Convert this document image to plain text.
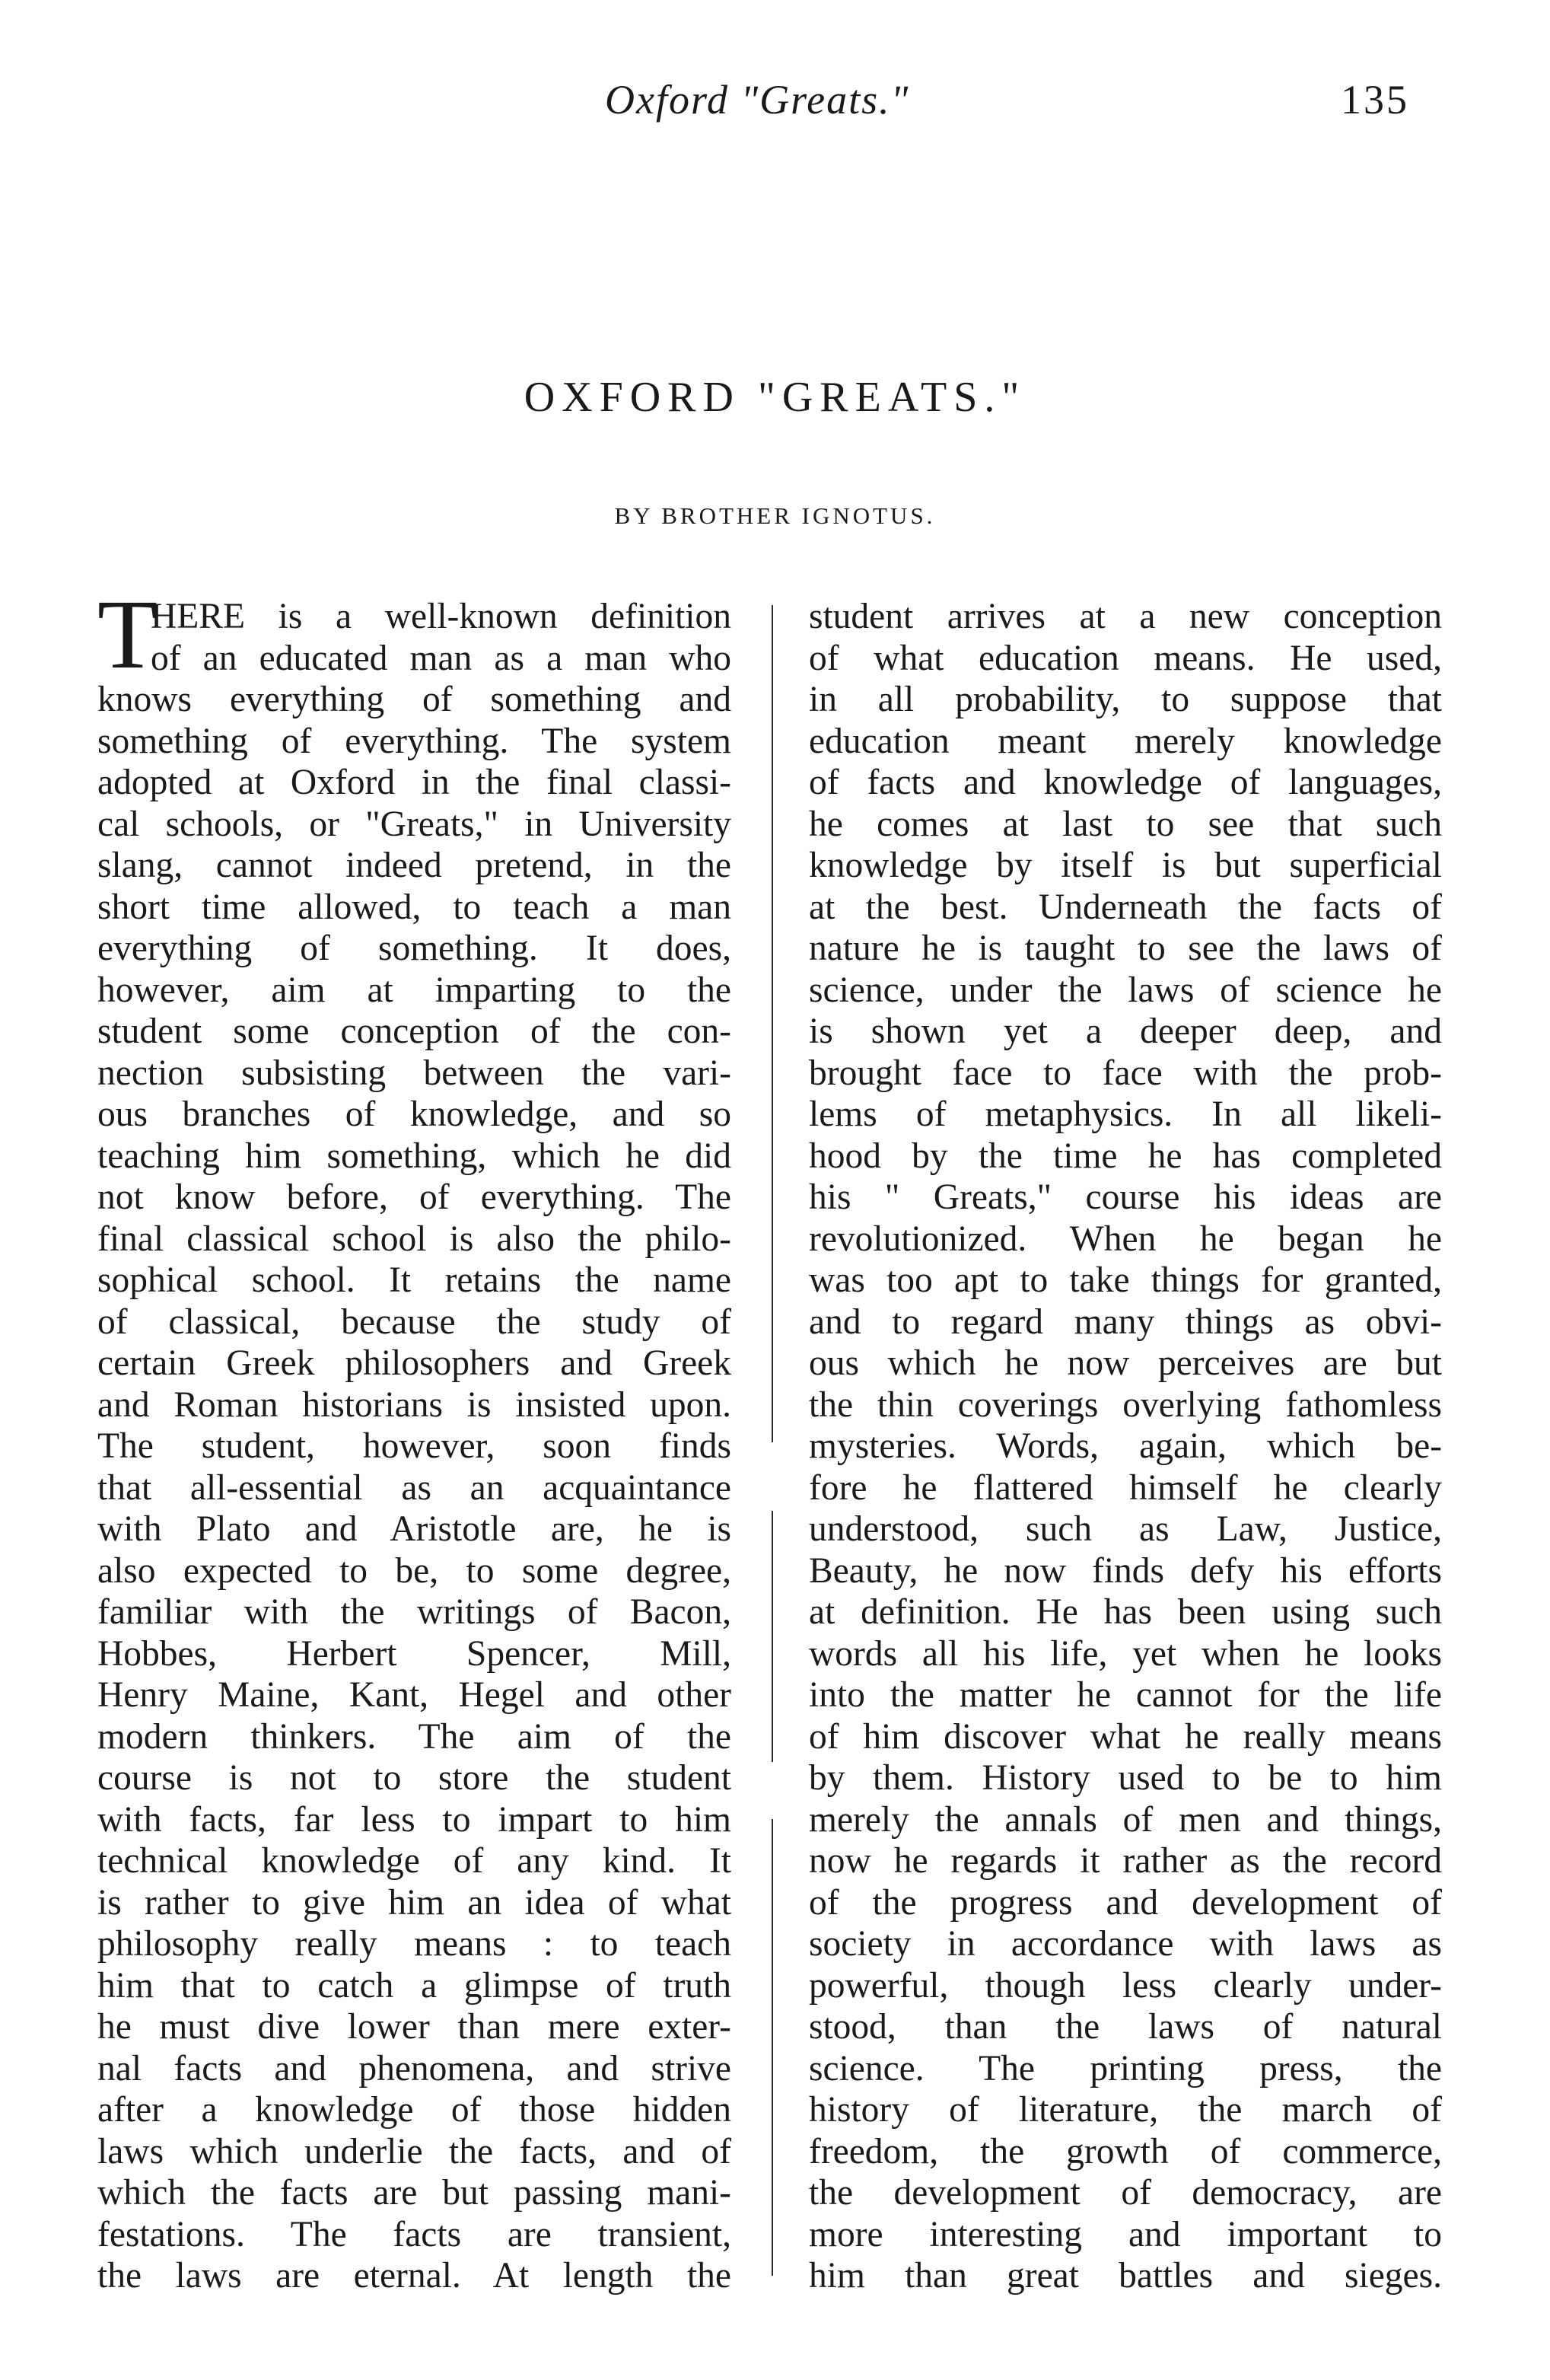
Oxford "Greats."	135
OXFORD "GREATS."
BY BROTHER IGNOTUS.
T
HERE is a well-known definition
of an educated man as a man who
knows everything of something and
something of everything. The system
adopted at Oxford in the final classi-
cal schools, or "Greats," in University
slang, cannot indeed pretend, in the
short time allowed, to teach a man
everything of something. It does,
however, aim at imparting to the
student some conception of the con-
nection subsisting between the vari-
ous branches of knowledge, and so
teaching him something, which he did
not know before, of everything. The
final classical school is also the philo-
sophical school. It retains the name
of classical, because the study of
certain Greek philosophers and Greek
and Roman historians is insisted upon.
The student, however, soon finds
that all-essential as an acquaintance
with Plato and Aristotle are, he is
also expected to be, to some degree,
familiar with the writings of Bacon,
Hobbes, Herbert Spencer, Mill,
Henry Maine, Kant, Hegel and other
modern thinkers. The aim of the
course is not to store the student
with facts, far less to impart to him
technical knowledge of any kind. It
is rather to give him an idea of what
philosophy really means : to teach
him that to catch a glimpse of truth
he must dive lower than mere exter-
nal facts and phenomena, and strive
after a knowledge of those hidden
laws which underlie the facts, and of
which the facts are but passing mani-
festations. The facts are transient,
the laws are eternal. At length the
student arrives at a new conception
of what education means. He used,
in all probability, to suppose that
education meant merely knowledge
of facts and knowledge of languages,
he comes at last to see that such
knowledge by itself is but superficial
at the best. Underneath the facts of
nature he is taught to see the laws of
science, under the laws of science he
is shown yet a deeper deep, and
brought face to face with the prob-
lems of metaphysics. In all likeli-
hood by the time he has completed
his " Greats," course his ideas are
revolutionized. When he began he
was too apt to take things for granted,
and to regard many things as obvi-
ous which he now perceives are but
the thin coverings overlying fathomless
mysteries. Words, again, which be-
fore he flattered himself he clearly
understood, such as Law, Justice,
Beauty, he now finds defy his efforts
at definition. He has been using such
words all his life, yet when he looks
into the matter he cannot for the life
of him discover what he really means
by them. History used to be to him
merely the annals of men and things,
now he regards it rather as the record
of the progress and development of
society in accordance with laws as
powerful, though less clearly under-
stood, than the laws of natural
science. The printing press, the
history of literature, the march of
freedom, the growth of commerce,
the development of democracy, are
more interesting and important to
him than great battles and sieges.
